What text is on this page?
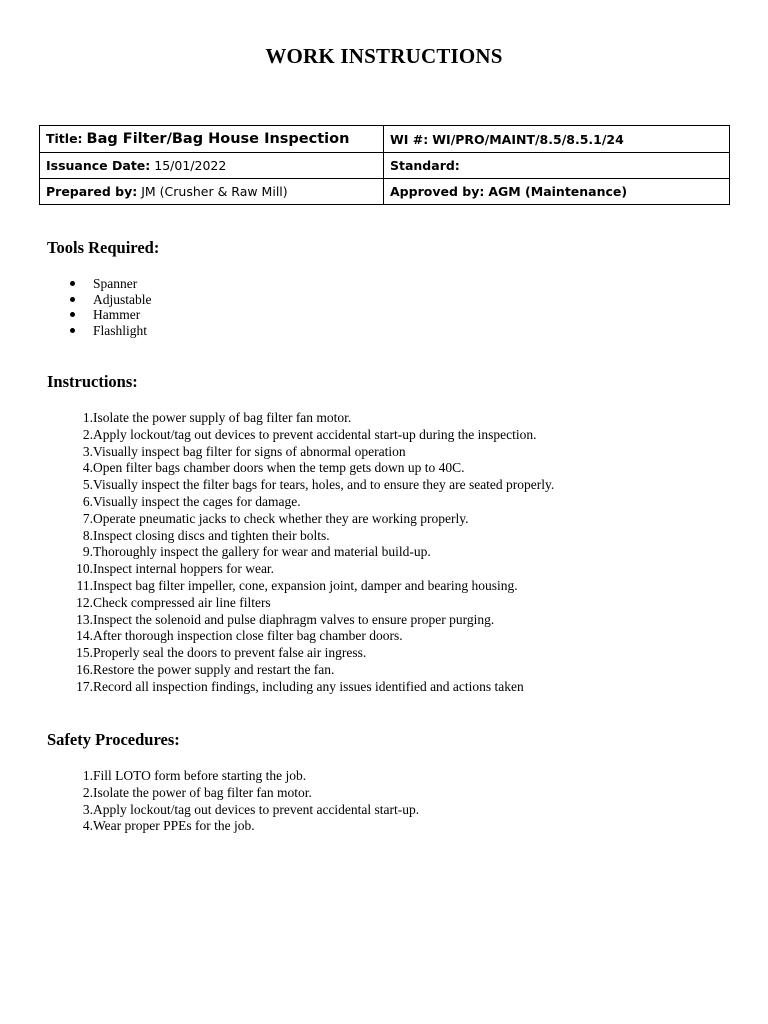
WORK INSTRUCTIONS
Title: Bag Filter/Bag House Inspection	WI #: WI/PRO/MAINT/8.5/8.5.1/24
Issuance Date: 15/01/2022	Standard:
Prepared by: JM (Crusher & Raw Mill)	Approved by: AGM (Maintenance)
Tools Required:
Spanner
Adjustable
Hammer
Flashlight
Instructions:
1. Isolate the power supply of bag filter fan motor.
2. Apply lockout/tag out devices to prevent accidental start-up during the inspection.
3. Visually inspect bag filter for signs of abnormal operation
4. Open filter bags chamber doors when the temp gets down up to 40C.
5. Visually inspect the filter bags for tears, holes, and to ensure they are seated properly.
6. Visually inspect the cages for damage.
7. Operate pneumatic jacks to check whether they are working properly.
8. Inspect closing discs and tighten their bolts.
9. Thoroughly inspect the gallery for wear and material build-up.
10. Inspect internal hoppers for wear.
11. Inspect bag filter impeller, cone, expansion joint, damper and bearing housing.
12. Check compressed air line filters
13. Inspect the solenoid and pulse diaphragm valves to ensure proper purging.
14. After thorough inspection close filter bag chamber doors.
15. Properly seal the doors to prevent false air ingress.
16. Restore the power supply and restart the fan.
17. Record all inspection findings, including any issues identified and actions taken
Safety Procedures:
1. Fill LOTO form before starting the job.
2. Isolate the power of bag filter fan motor.
3. Apply lockout/tag out devices to prevent accidental start-up.
4. Wear proper PPEs for the job.
